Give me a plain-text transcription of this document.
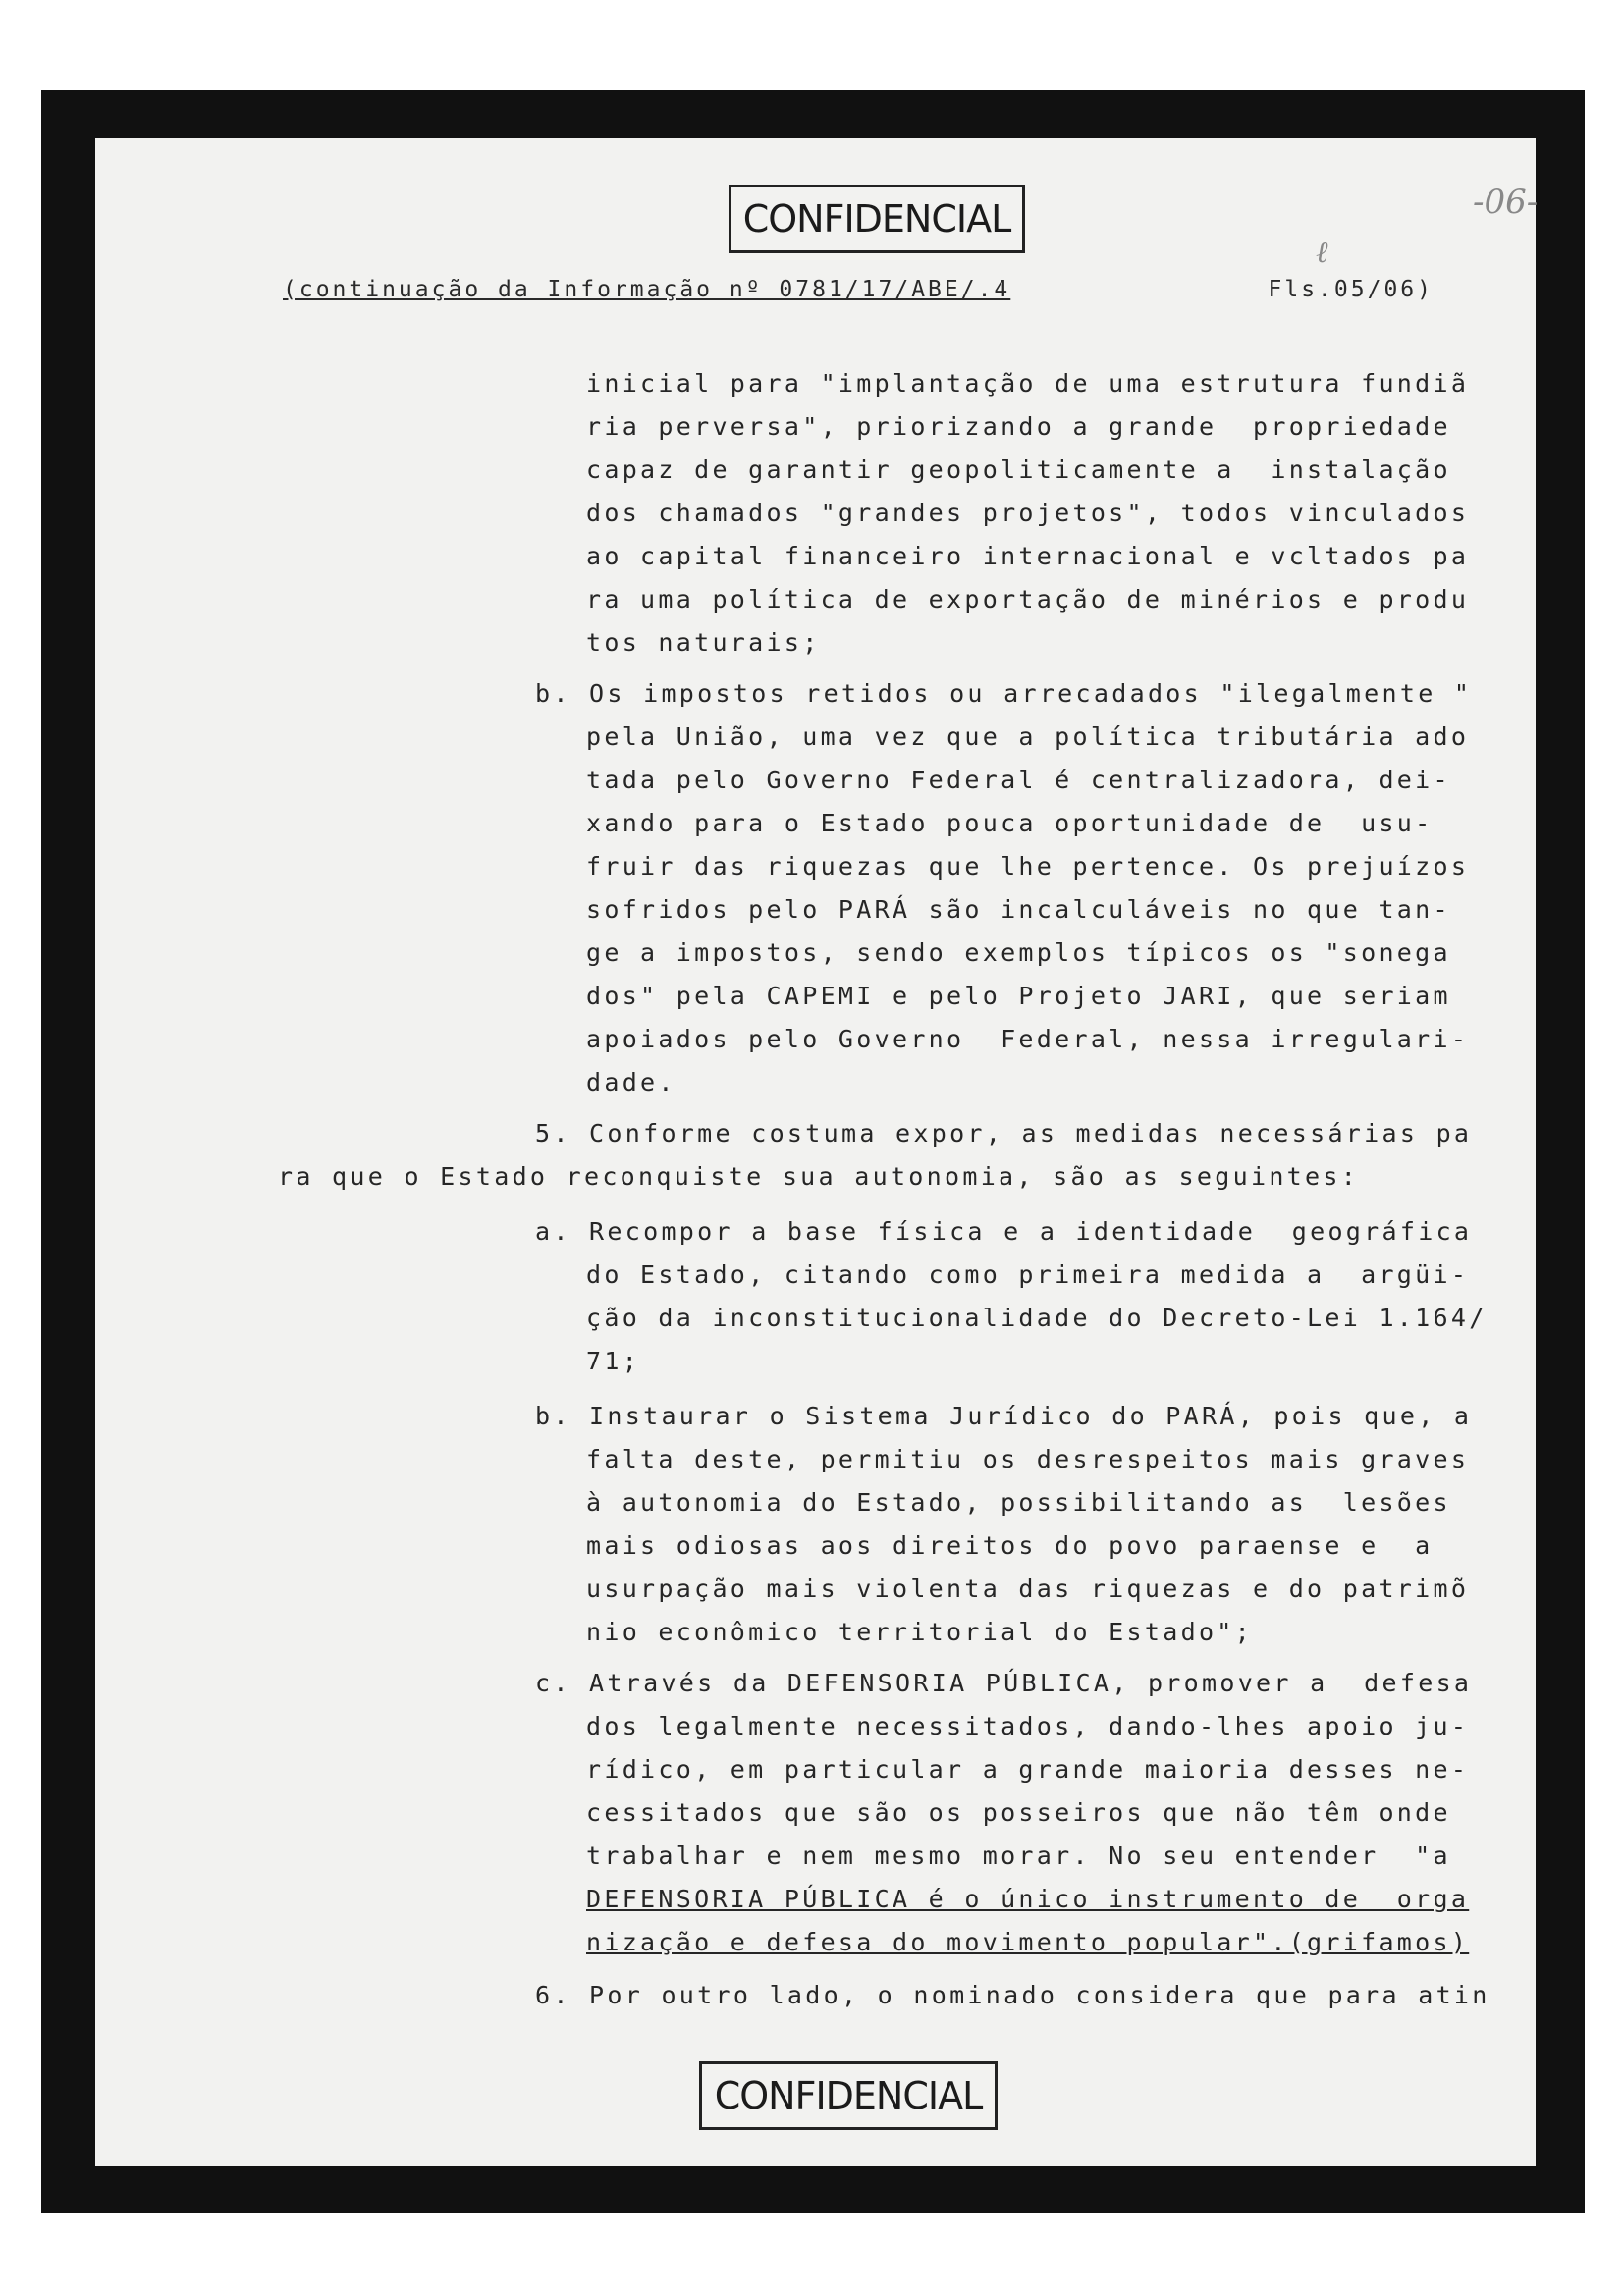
CONFIDENCIAL	-06-
ℓ
(continuação da Informação nº 0781/17/ABE/.4	Fls.05/06)
inicial para "implantação de uma estrutura fundiã
ria perversa", priorizando a grande  propriedade
capaz de garantir geopoliticamente a  instalação
dos chamados "grandes projetos", todos vinculados
ao capital financeiro internacional e vcltados pa
ra uma política de exportação de minérios e produ
tos naturais;
b. Os impostos retidos ou arrecadados "ilegalmente "
pela União, uma vez que a política tributária ado
tada pelo Governo Federal é centralizadora, dei-
xando para o Estado pouca oportunidade de  usu-
fruir das riquezas que lhe pertence. Os prejuízos
sofridos pelo PARÁ são incalculáveis no que tan-
ge a impostos, sendo exemplos típicos os "sonega
dos" pela CAPEMI e pelo Projeto JARI, que seriam
apoiados pelo Governo  Federal, nessa irregulari-
dade.
5. Conforme costuma expor, as medidas necessárias pa
ra que o Estado reconquiste sua autonomia, são as seguintes:
a. Recompor a base física e a identidade  geográfica
do Estado, citando como primeira medida a  argüi-
ção da inconstitucionalidade do Decreto-Lei 1.164/
71;
b. Instaurar o Sistema Jurídico do PARÁ, pois que, a
falta deste, permitiu os desrespeitos mais graves
à autonomia do Estado, possibilitando as  lesões
mais odiosas aos direitos do povo paraense e  a
usurpação mais violenta das riquezas e do patrimõ
nio econômico territorial do Estado";
c. Através da DEFENSORIA PÚBLICA, promover a  defesa
dos legalmente necessitados, dando-lhes apoio ju-
rídico, em particular a grande maioria desses ne-
cessitados que são os posseiros que não têm onde
trabalhar e nem mesmo morar. No seu entender  "a
DEFENSORIA PÚBLICA é o único instrumento de  orga
nização e defesa do movimento popular".(grifamos)
6. Por outro lado, o nominado considera que para atin
CONFIDENCIAL
